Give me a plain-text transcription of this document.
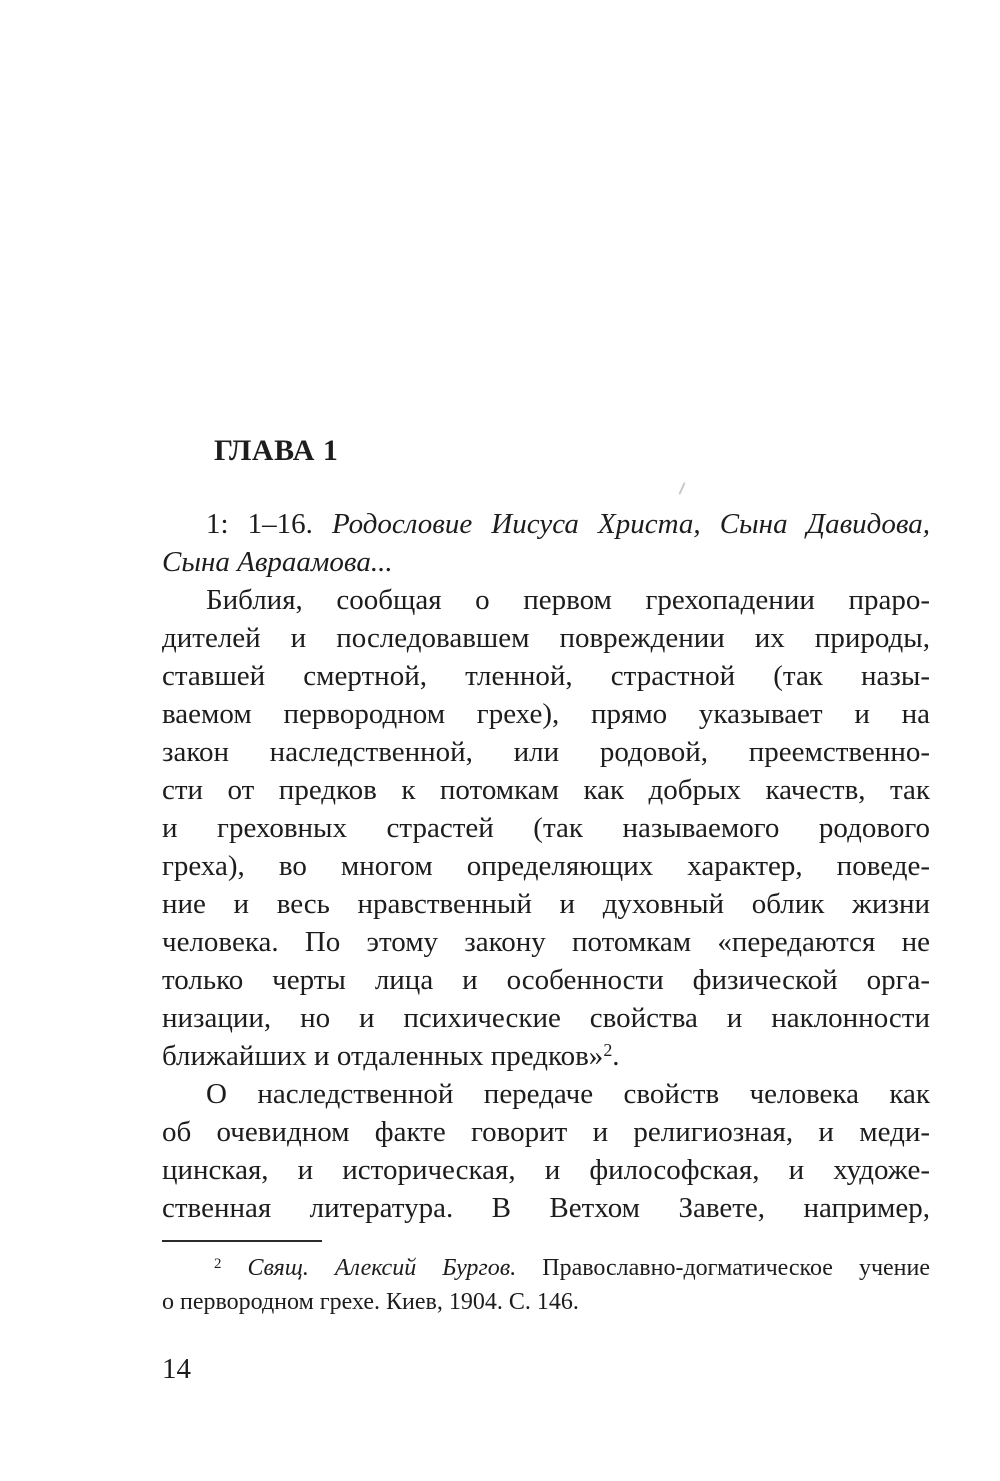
ГЛАВА 1
1: 1–16. Родословие Иисуса Христа, Сына Давидова,
Сына Авраамова...
Библия, сообщая о первом грехопадении праро-
дителей и последовавшем повреждении их природы,
ставшей смертной, тленной, страстной (так назы-
ваемом первородном грехе), прямо указывает и на
закон наследственной, или родовой, преемственно-
сти от предков к потомкам как добрых качеств, так
и греховных страстей (так называемого родового
греха), во многом определяющих характер, поведе-
ние и весь нравственный и духовный облик жизни
человека. По этому закону потомкам «передаются не
только черты лица и особенности физической орга-
низации, но и психические свойства и наклонности
ближайших и отдаленных предков»$^2$.
О наследственной передаче свойств человека как
об очевидном факте говорит и религиозная, и меди-
цинская, и историческая, и философская, и художе-
ственная литература. В Ветхом Завете, например,
$^2$ Свящ. Алексий Бургов. Православно-догматическое учение
о первородном грехе. Киев, 1904. С. 146.
14
